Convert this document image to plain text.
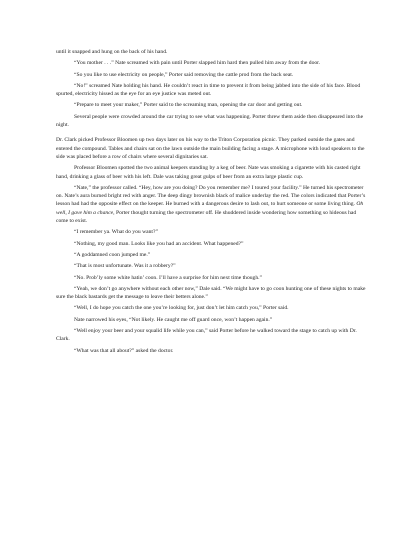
until it snapped and hung on the back of his hand.

“You mother . . .” Nate screamed with pain until Porter slapped him hard then pulled him away from the door.

“So you like to use electricity on people,” Porter said removing the cattle prod from the back seat.

“No!” screamed Nate holding his hand. He couldn’t react in time to prevent it from being jabbed into the side of his face. Blood spurted, electricity hissed as the eye for an eye justice was meted out.

“Prepare to meet your maker,” Porter said to the screaming man, opening the car door and getting out.

Several people were crowded around the car trying to see what was happening. Porter threw them aside then disappeared into the night.

Dr. Clark picked Professor Bloomen up two days later on his way to the Triton Corporation picnic. They parked outside the gates and entered the compound. Tables and chairs sat on the lawn outside the main building facing a stage. A microphone with loud speakers to the side was placed before a row of chairs where several dignitaries sat.

Professor Bloomen spotted the two animal keepers standing by a keg of beer. Nate was smoking a cigarette with his casted right hand, drinking a glass of beer with his left. Dale was taking great gulps of beer from an extra large plastic cup.

“Nate,” the professor called. “Hey, how are you doing? Do you remember me? I toured your facility.” He turned his spectrometer on. Nate’s aura burned bright red with anger. The deep dingy brownish black of malice underlay the red. The colors indicated that Porter’s lesson had had the opposite effect on the keeper. He burned with a dangerous desire to lash out, to hurt someone or some living thing. Oh well, I gave him a chance, Porter thought turning the spectrometer off. He shuddered inside wondering how something so hideous had come to exist.

“I remember ya. What do you want?”

“Nothing, my good man. Looks like you had an accident. What happened?”

“A goddamned coon jumped me.”

“That is most unfortunate. Was it a robbery?”

“No. Prob’ly some white hatin’ coon. I’ll have a surprise for him next time though.”

“Yeah, we don’t go anywhere without each other now,” Dale said. “We might have to go coon hunting one of these nights to make sure the black bastards get the message to leave their betters alone.”

“Well, I do hope you catch the one you’re looking for, just don’t let him catch you,” Porter said.

Nate narrowed his eyes, “Not likely. He caught me off guard once, won’t happen again.”

“Well enjoy your beer and your squalid life while you can,” said Porter before he walked toward the stage to catch up with Dr. Clark.

“What was that all about?” asked the doctor.
